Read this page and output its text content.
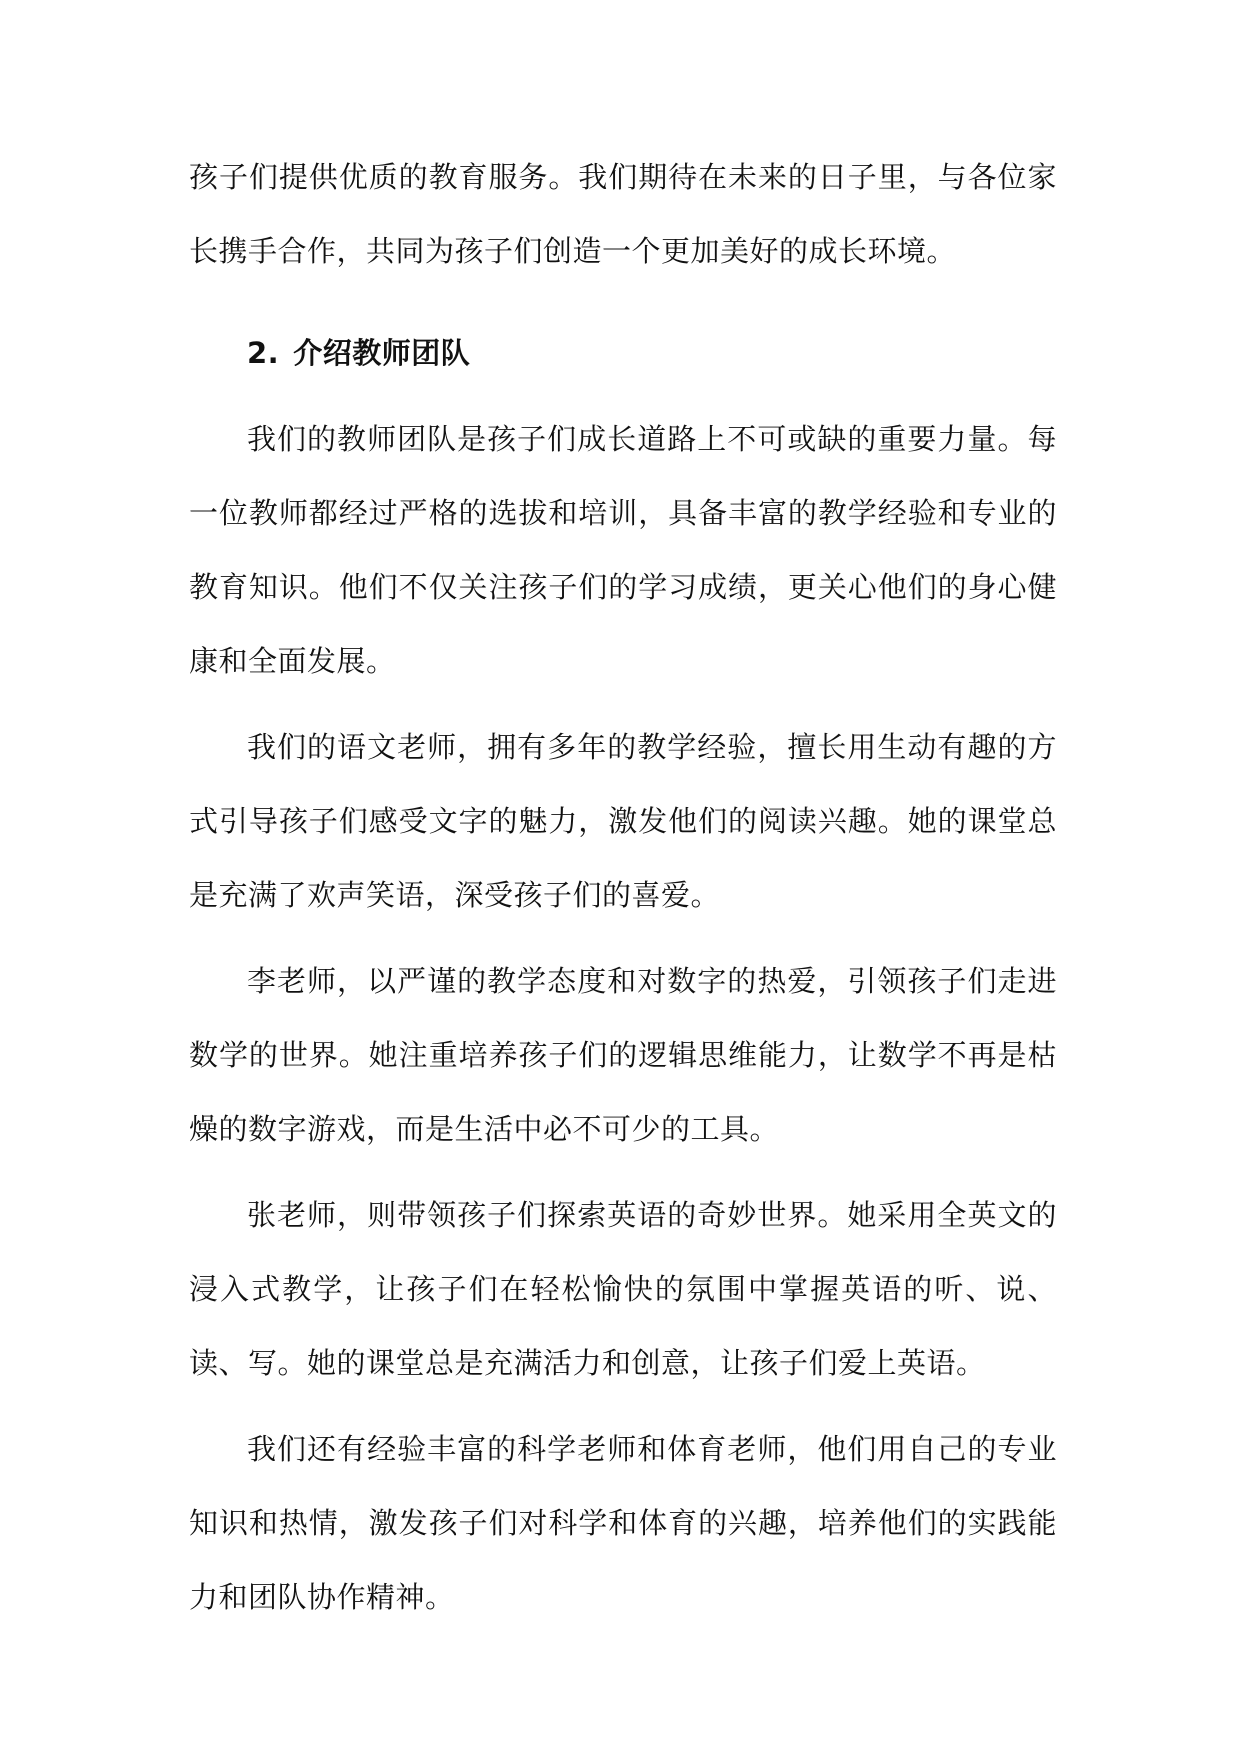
孩子们提供优质的教育服务。我们期待在未来的日子里，与各位家长携手合作，共同为孩子们创造一个更加美好的成长环境。

2. 介绍教师团队

我们的教师团队是孩子们成长道路上不可或缺的重要力量。每一位教师都经过严格的选拔和培训，具备丰富的教学经验和专业的教育知识。他们不仅关注孩子们的学习成绩，更关心他们的身心健康和全面发展。

我们的语文老师，拥有多年的教学经验，擅长用生动有趣的方式引导孩子们感受文字的魅力，激发他们的阅读兴趣。她的课堂总是充满了欢声笑语，深受孩子们的喜爱。

李老师，以严谨的教学态度和对数字的热爱，引领孩子们走进数学的世界。她注重培养孩子们的逻辑思维能力，让数学不再是枯燥的数字游戏，而是生活中必不可少的工具。

张老师，则带领孩子们探索英语的奇妙世界。她采用全英文的浸入式教学，让孩子们在轻松愉快的氛围中掌握英语的听、说、读、写。她的课堂总是充满活力和创意，让孩子们爱上英语。

我们还有经验丰富的科学老师和体育老师，他们用自己的专业知识和热情，激发孩子们对科学和体育的兴趣，培养他们的实践能力和团队协作精神。
